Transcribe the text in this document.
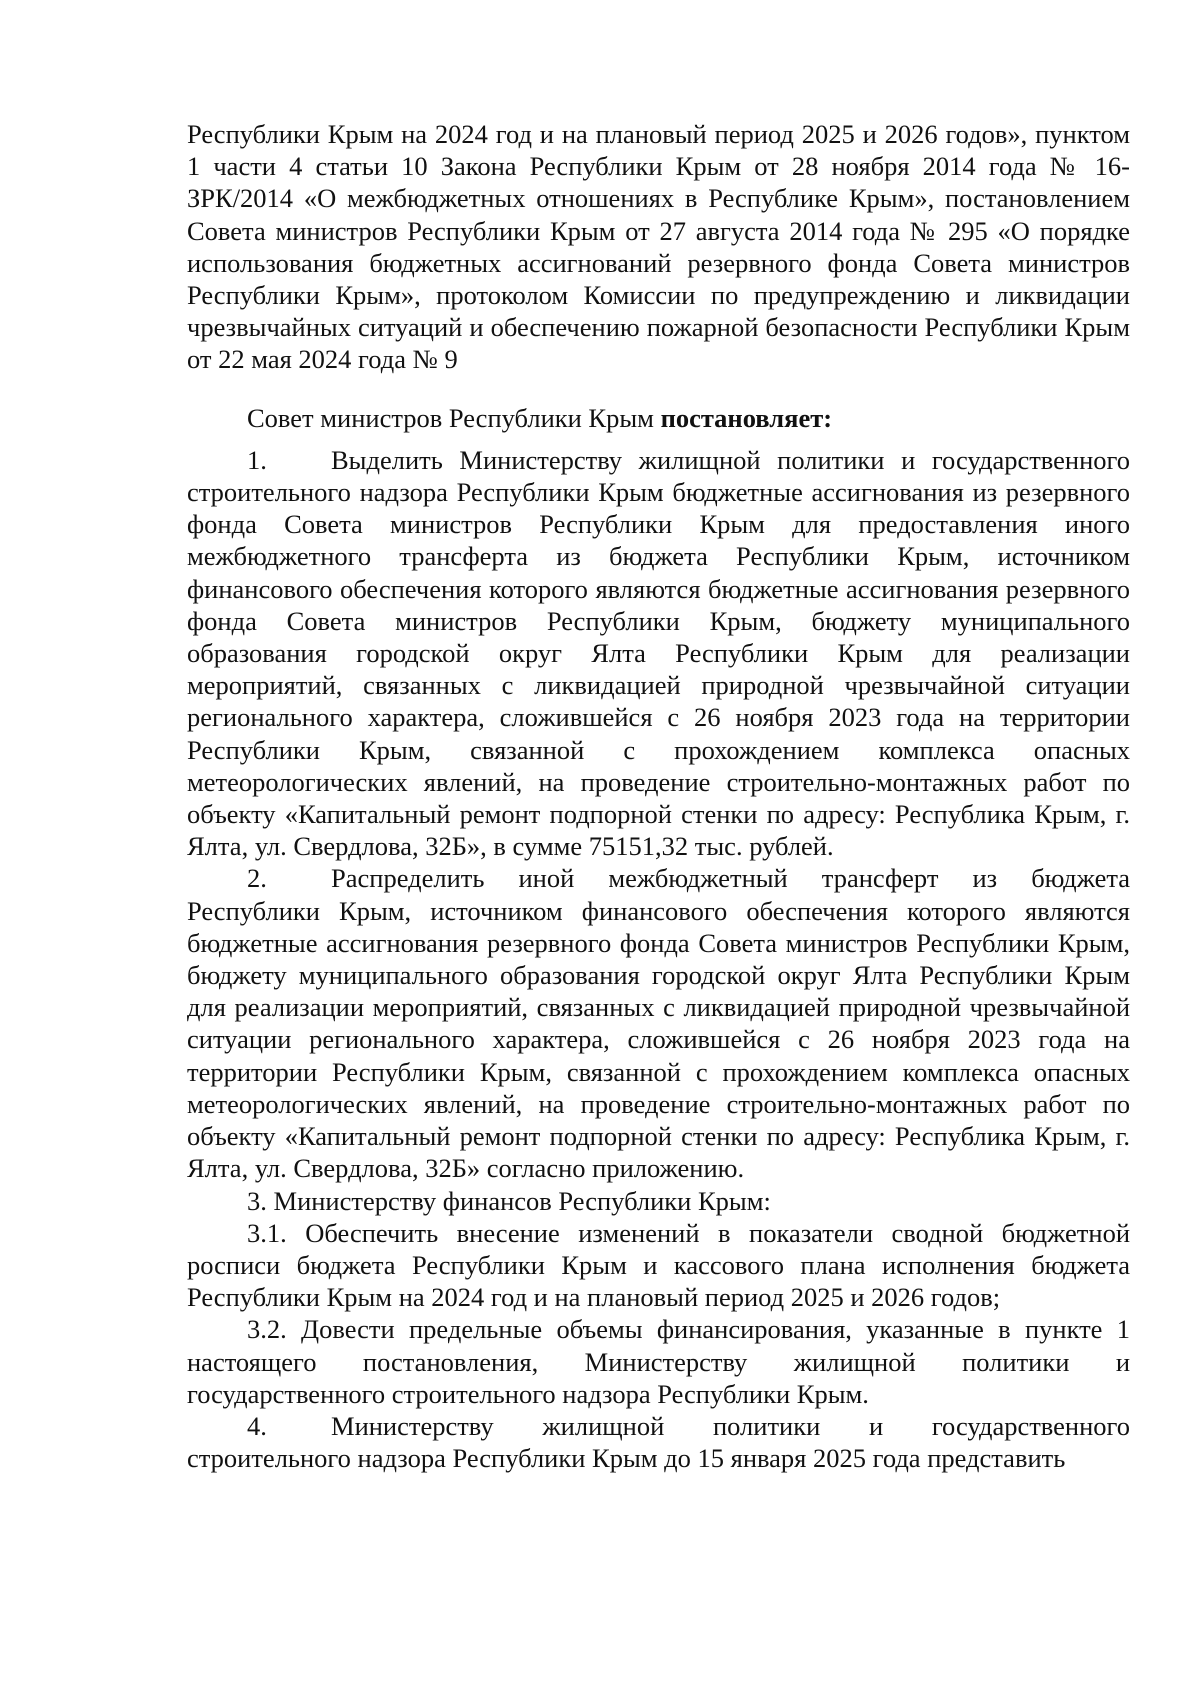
Республики Крым на 2024 год и на плановый период 2025 и 2026 годов», пунктом 1 части 4 статьи 10 Закона Республики Крым от 28 ноября 2014 года № 16-ЗРК/2014 «О межбюджетных отношениях в Республике Крым», постановлением Совета министров Республики Крым от 27 августа 2014 года № 295 «О порядке использования бюджетных ассигнований резервного фонда Совета министров Республики Крым», протоколом Комиссии по предупреждению и ликвидации чрезвычайных ситуаций и обеспечению пожарной безопасности Республики Крым от 22 мая 2024 года № 9

Совет министров Республики Крым постановляет:

1. Выделить Министерству жилищной политики и государственного строительного надзора Республики Крым бюджетные ассигнования из резервного фонда Совета министров Республики Крым для предоставления иного межбюджетного трансферта из бюджета Республики Крым, источником финансового обеспечения которого являются бюджетные ассигнования резервного фонда Совета министров Республики Крым, бюджету муниципального образования городской округ Ялта Республики Крым для реализации мероприятий, связанных с ликвидацией природной чрезвычайной ситуации регионального характера, сложившейся с 26 ноября 2023 года на территории Республики Крым, связанной с прохождением комплекса опасных метеорологических явлений, на проведение строительно-монтажных работ по объекту «Капитальный ремонт подпорной стенки по адресу: Республика Крым, г. Ялта, ул. Свердлова, 32Б», в сумме 75151,32 тыс. рублей.

2. Распределить иной межбюджетный трансферт из бюджета Республики Крым, источником финансового обеспечения которого являются бюджетные ассигнования резервного фонда Совета министров Республики Крым, бюджету муниципального образования городской округ Ялта Республики Крым для реализации мероприятий, связанных с ликвидацией природной чрезвычайной ситуации регионального характера, сложившейся с 26 ноября 2023 года на территории Республики Крым, связанной с прохождением комплекса опасных метеорологических явлений, на проведение строительно-монтажных работ по объекту «Капитальный ремонт подпорной стенки по адресу: Республика Крым, г. Ялта, ул. Свердлова, 32Б» согласно приложению.

3. Министерству финансов Республики Крым:

3.1. Обеспечить внесение изменений в показатели сводной бюджетной росписи бюджета Республики Крым и кассового плана исполнения бюджета Республики Крым на 2024 год и на плановый период 2025 и 2026 годов;

3.2. Довести предельные объемы финансирования, указанные в пункте 1 настоящего постановления, Министерству жилищной политики и государственного строительного надзора Республики Крым.

4. Министерству жилищной политики и государственного строительного надзора Республики Крым до 15 января 2025 года представить
